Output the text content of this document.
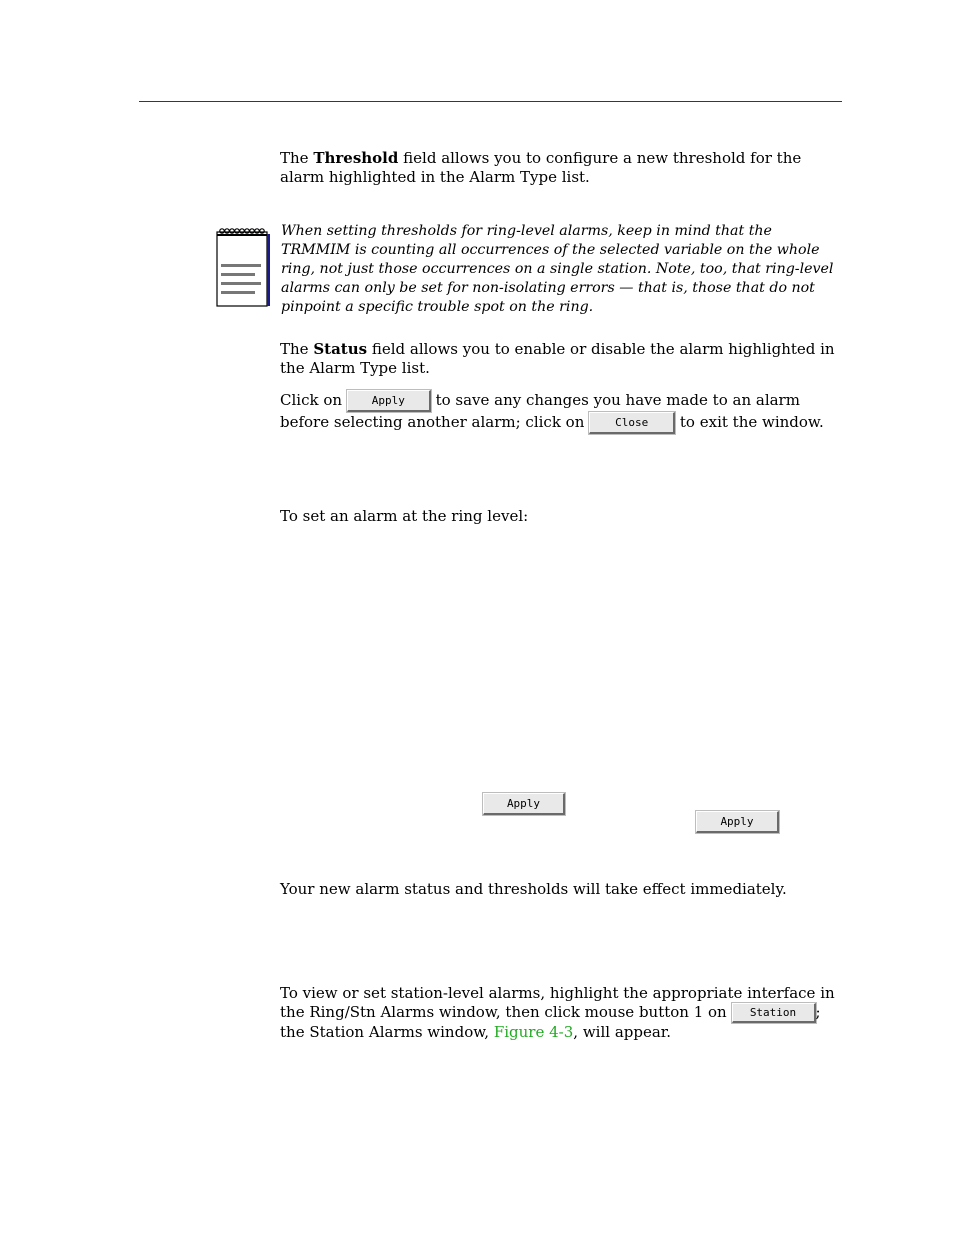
The Threshold field allows you to configure a new threshold for the alarm highlighted in the Alarm Type list.

When setting thresholds for ring-level alarms, keep in mind that the TRMMIM is counting all occurrences of the selected variable on the whole ring, not just those occurrences on a single station. Note, too, that ring-level alarms can only be set for non-isolating errors — that is, those that do not pinpoint a specific trouble spot on the ring.

The Status field allows you to enable or disable the alarm highlighted in the Alarm Type list.

Click on Apply to save any changes you have made to an alarm before selecting another alarm; click on Close to exit the window.

To set an alarm at the ring level:

Apply
Apply

Your new alarm status and thresholds will take effect immediately.

To view or set station-level alarms, highlight the appropriate interface in the Ring/Stn Alarms window, then click mouse button 1 on Station ; the Station Alarms window, Figure 4-3, will appear.
